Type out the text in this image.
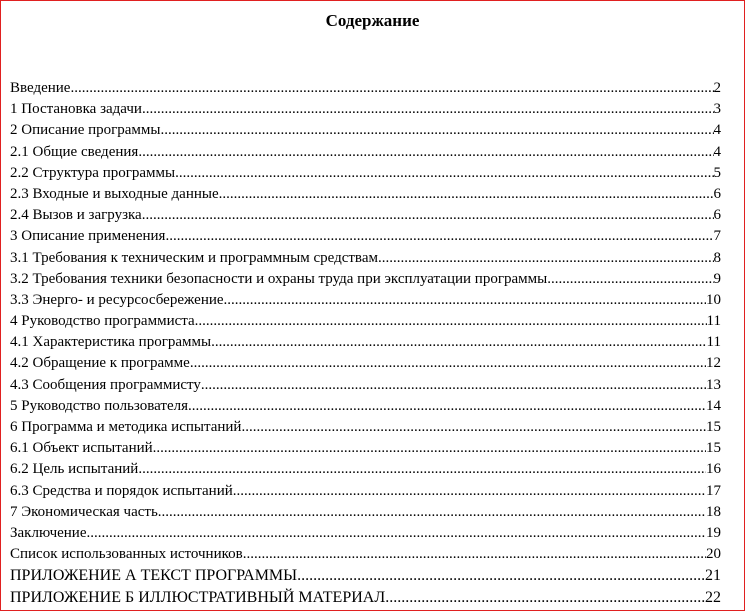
Содержание
Введение .....	2
1 Постановка задачи .....	3
2 Описание программы .....	4
2.1 Общие сведения .....	4
2.2 Структура программы .....	5
2.3 Входные и выходные данные .....	6
2.4 Вызов и загрузка .....	6
3 Описание применения .....	7
3.1 Требования к техническим и программным средствам .....	8
3.2 Требования техники безопасности и охраны труда при эксплуатации программы .....	9
3.3 Энерго- и ресурсосбережение .....	10
4 Руководство программиста .....	11
4.1 Характеристика программы .....	11
4.2 Обращение к программе .....	12
4.3 Сообщения программисту .....	13
5 Руководство пользователя .....	14
6 Программа и методика испытаний .....	15
6.1 Объект испытаний .....	15
6.2 Цель испытаний .....	16
6.3 Средства и порядок испытаний .....	17
7 Экономическая часть .....	18
Заключение .....	19
Список использованных источников .....	20
ПРИЛОЖЕНИЕ А ТЕКСТ ПРОГРАММЫ .....	21
ПРИЛОЖЕНИЕ Б ИЛЛЮСТРАТИВНЫЙ МАТЕРИАЛ .....	22
